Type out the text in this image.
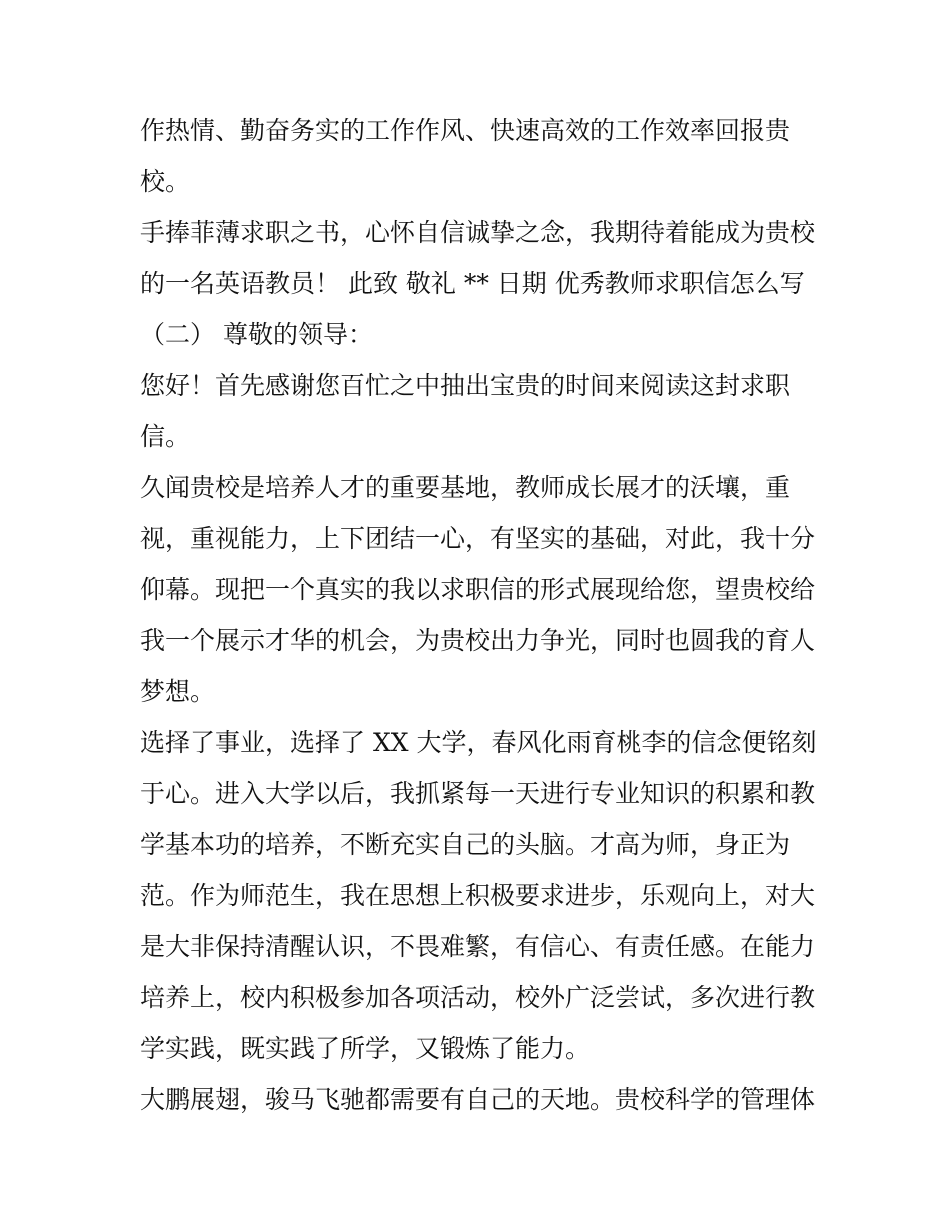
作热情、勤奋务实的工作作风、快速高效的工作效率回报贵
校。
手捧菲薄求职之书，心怀自信诚挚之念，我期待着能成为贵校
的一名英语教员！ 此致 敬礼 ** 日期 优秀教师求职信怎么写
（二） 尊敬的领导：
您好！首先感谢您百忙之中抽出宝贵的时间来阅读这封求职
信。
久闻贵校是培养人才的重要基地，教师成长展才的沃壤，重
视，重视能力，上下团结一心，有坚实的基础，对此，我十分
仰幕。现把一个真实的我以求职信的形式展现给您，望贵校给
我一个展示才华的机会，为贵校出力争光，同时也圆我的育人
梦想。
选择了事业，选择了 XX 大学，春风化雨育桃李的信念便铭刻
于心。进入大学以后，我抓紧每一天进行专业知识的积累和教
学基本功的培养，不断充实自己的头脑。才高为师，身正为
范。作为师范生，我在思想上积极要求进步，乐观向上，对大
是大非保持清醒认识，不畏难繁，有信心、有责任感。在能力
培养上，校内积极参加各项活动，校外广泛尝试，多次进行教
学实践，既实践了所学，又锻炼了能力。
大鹏展翅，骏马飞驰都需要有自己的天地。贵校科学的管理体
